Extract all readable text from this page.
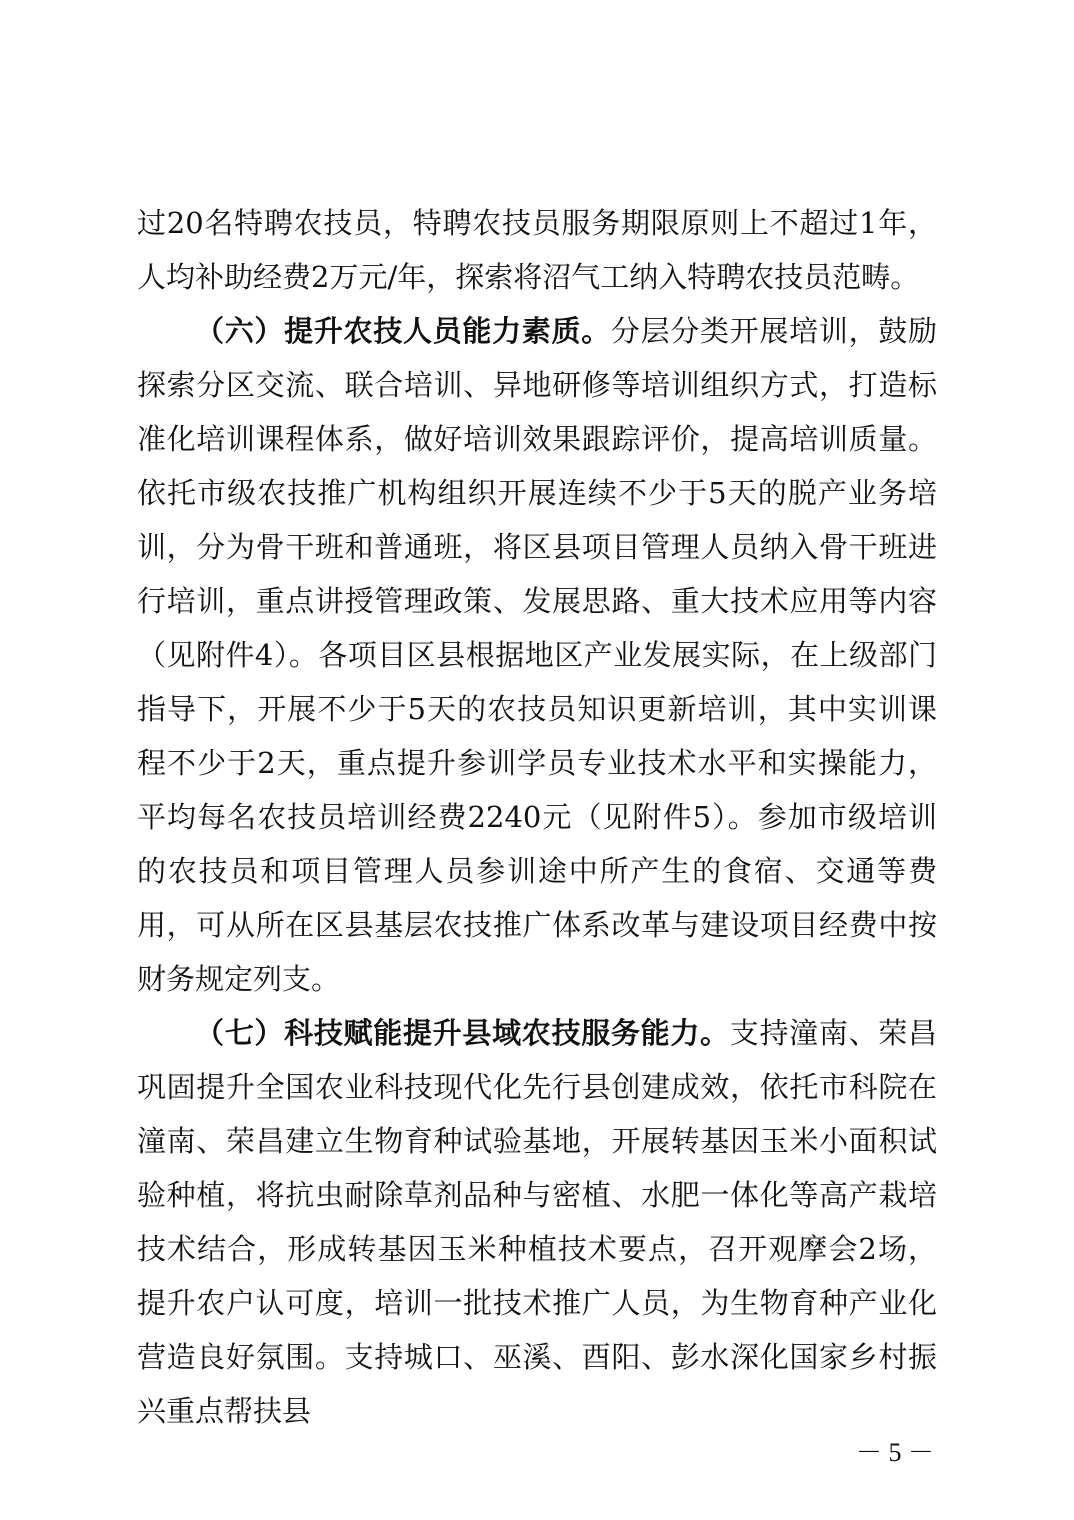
过20名特聘农技员，特聘农技员服务期限原则上不超过1年，人均补助经费2万元/年，探索将沼气工纳入特聘农技员范畴。

（六）提升农技人员能力素质。分层分类开展培训，鼓励探索分区交流、联合培训、异地研修等培训组织方式，打造标准化培训课程体系，做好培训效果跟踪评价，提高培训质量。依托市级农技推广机构组织开展连续不少于5天的脱产业务培训，分为骨干班和普通班，将区县项目管理人员纳入骨干班进行培训，重点讲授管理政策、发展思路、重大技术应用等内容（见附件4）。各项目区县根据地区产业发展实际，在上级部门指导下，开展不少于5天的农技员知识更新培训，其中实训课程不少于2天，重点提升参训学员专业技术水平和实操能力，平均每名农技员培训经费2240元（见附件5）。参加市级培训的农技员和项目管理人员参训途中所产生的食宿、交通等费用，可从所在区县基层农技推广体系改革与建设项目经费中按财务规定列支。

（七）科技赋能提升县域农技服务能力。支持潼南、荣昌巩固提升全国农业科技现代化先行县创建成效，依托市科院在潼南、荣昌建立生物育种试验基地，开展转基因玉米小面积试验种植，将抗虫耐除草剂品种与密植、水肥一体化等高产栽培技术结合，形成转基因玉米种植技术要点，召开观摩会2场，提升农户认可度，培训一批技术推广人员，为生物育种产业化营造良好氛围。支持城口、巫溪、酉阳、彭水深化国家乡村振兴重点帮扶县

－ 5 －
